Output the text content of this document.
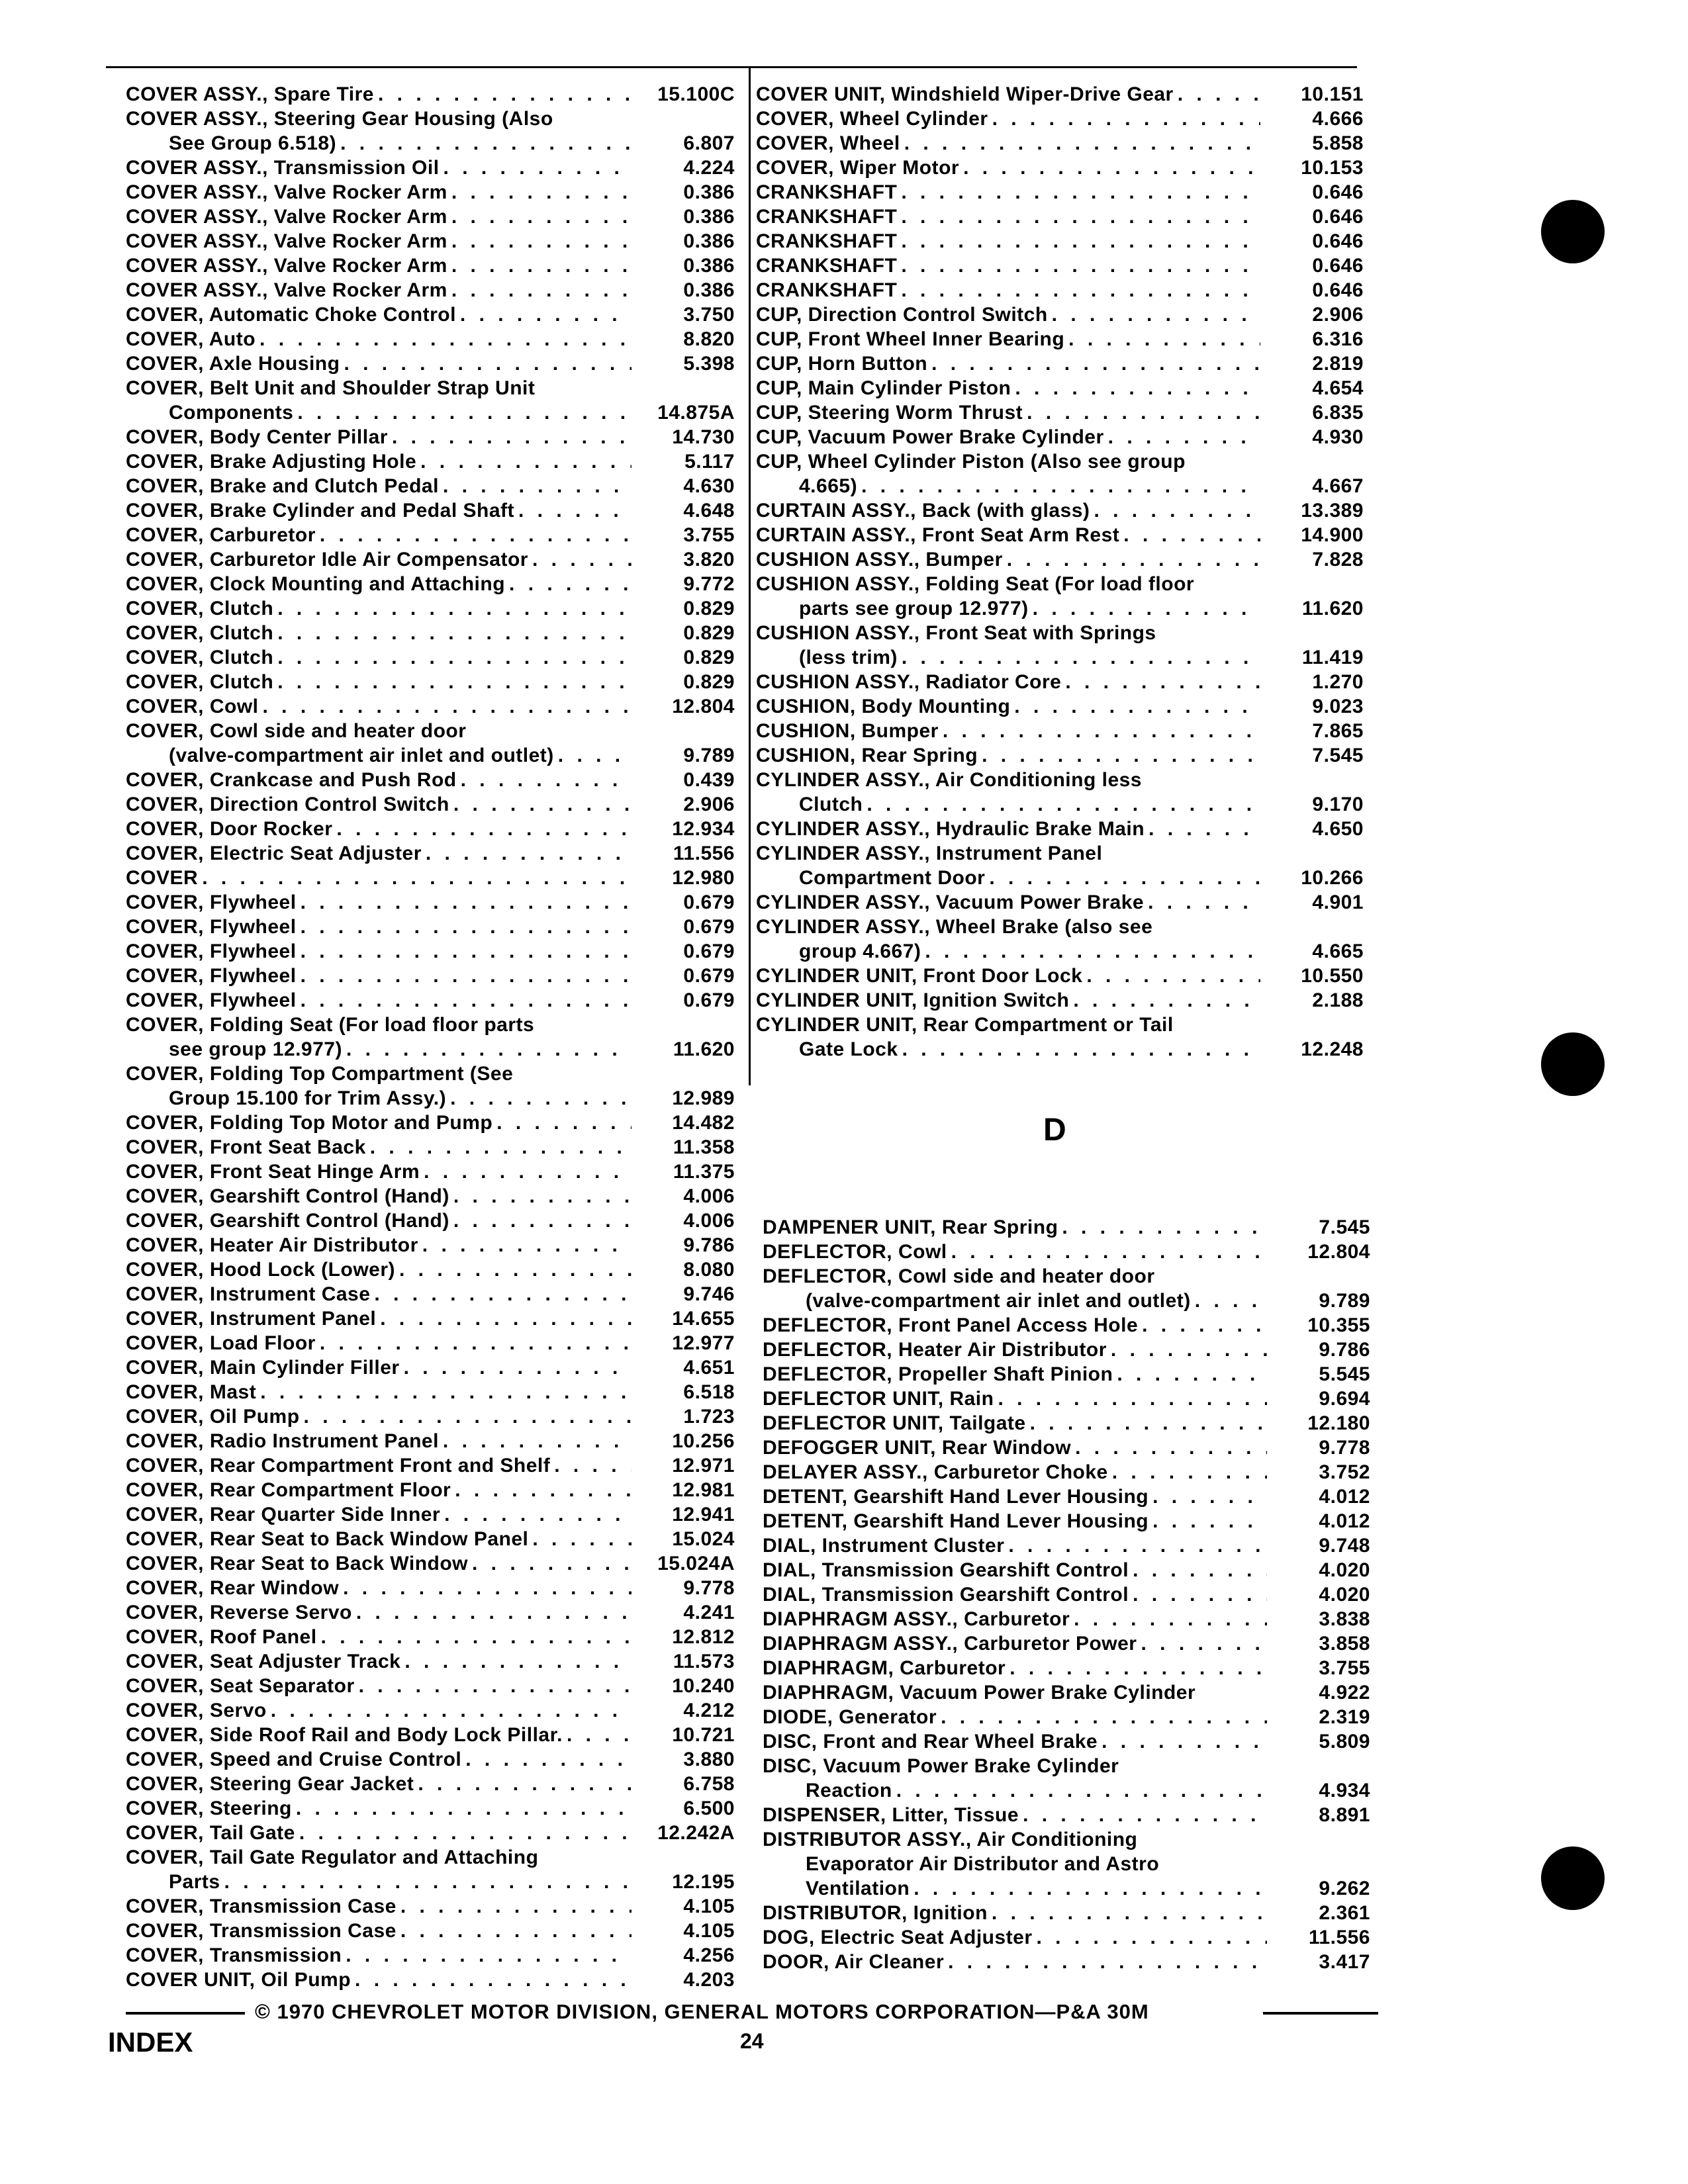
COVER ASSY., Spare Tire . . .	15.100C
COVER ASSY., Steering Gear Housing (Also
See Group 6.518) . . .	6.807
COVER ASSY., Transmission Oil . . .	4.224
COVER ASSY., Valve Rocker Arm . . .	0.386
COVER ASSY., Valve Rocker Arm . . .	0.386
COVER ASSY., Valve Rocker Arm . . .	0.386
COVER ASSY., Valve Rocker Arm . . .	0.386
COVER ASSY., Valve Rocker Arm . . .	0.386
COVER, Automatic Choke Control . . .	3.750
COVER, Auto . . .	8.820
COVER, Axle Housing . . .	5.398
COVER, Belt Unit and Shoulder Strap Unit
Components . . .	14.875A
COVER, Body Center Pillar . . .	14.730
COVER, Brake Adjusting Hole . . .	5.117
COVER, Brake and Clutch Pedal . . .	4.630
COVER, Brake Cylinder and Pedal Shaft . . .	4.648
COVER, Carburetor . . .	3.755
COVER, Carburetor Idle Air Compensator . . .	3.820
COVER, Clock Mounting and Attaching . . .	9.772
COVER, Clutch . . .	0.829
COVER, Clutch . . .	0.829
COVER, Clutch . . .	0.829
COVER, Clutch . . .	0.829
COVER, Cowl . . .	12.804
COVER, Cowl side and heater door
(valve-compartment air inlet and outlet) . . .	9.789
COVER, Crankcase and Push Rod . . .	0.439
COVER, Direction Control Switch . . .	2.906
COVER, Door Rocker . . .	12.934
COVER, Electric Seat Adjuster . . .	11.556
COVER . . .	12.980
COVER, Flywheel . . .	0.679
COVER, Flywheel . . .	0.679
COVER, Flywheel . . .	0.679
COVER, Flywheel . . .	0.679
COVER, Flywheel . . .	0.679
COVER, Folding Seat (For load floor parts
see group 12.977) . . .	11.620
COVER, Folding Top Compartment (See
Group 15.100 for Trim Assy.) . . .	12.989
COVER, Folding Top Motor and Pump . . .	14.482
COVER, Front Seat Back . . .	11.358
COVER, Front Seat Hinge Arm . . .	11.375
COVER, Gearshift Control (Hand) . . .	4.006
COVER, Gearshift Control (Hand) . . .	4.006
COVER, Heater Air Distributor . . .	9.786
COVER, Hood Lock (Lower) . . .	8.080
COVER, Instrument Case . . .	9.746
COVER, Instrument Panel . . .	14.655
COVER, Load Floor . . .	12.977
COVER, Main Cylinder Filler . . .	4.651
COVER, Mast . . .	6.518
COVER, Oil Pump . . .	1.723
COVER, Radio Instrument Panel . . .	10.256
COVER, Rear Compartment Front and Shelf . . .	12.971
COVER, Rear Compartment Floor . . .	12.981
COVER, Rear Quarter Side Inner . . .	12.941
COVER, Rear Seat to Back Window Panel . . .	15.024
COVER, Rear Seat to Back Window . . .	15.024A
COVER, Rear Window . . .	9.778
COVER, Reverse Servo . . .	4.241
COVER, Roof Panel . . .	12.812
COVER, Seat Adjuster Track . . .	11.573
COVER, Seat Separator . . .	10.240
COVER, Servo . . .	4.212
COVER, Side Roof Rail and Body Lock Pillar. . . .	10.721
COVER, Speed and Cruise Control . . .	3.880
COVER, Steering Gear Jacket . . .	6.758
COVER, Steering . . .	6.500
COVER, Tail Gate . . .	12.242A
COVER, Tail Gate Regulator and Attaching
Parts . . .	12.195
COVER, Transmission Case . . .	4.105
COVER, Transmission Case . . .	4.105
COVER, Transmission . . .	4.256
COVER UNIT, Oil Pump . . .	4.203
COVER UNIT, Windshield Wiper-Drive Gear . . .	10.151
COVER, Wheel Cylinder . . .	4.666
COVER, Wheel . . .	5.858
COVER, Wiper Motor . . .	10.153
CRANKSHAFT . . .	0.646
CRANKSHAFT . . .	0.646
CRANKSHAFT . . .	0.646
CRANKSHAFT . . .	0.646
CRANKSHAFT . . .	0.646
CUP, Direction Control Switch . . .	2.906
CUP, Front Wheel Inner Bearing . . .	6.316
CUP, Horn Button . . .	2.819
CUP, Main Cylinder Piston . . .	4.654
CUP, Steering Worm Thrust . . .	6.835
CUP, Vacuum Power Brake Cylinder . . .	4.930
CUP, Wheel Cylinder Piston (Also see group
4.665) . . .	4.667
CURTAIN ASSY., Back (with glass) . . .	13.389
CURTAIN ASSY., Front Seat Arm Rest . . .	14.900
CUSHION ASSY., Bumper . . .	7.828
CUSHION ASSY., Folding Seat (For load floor
parts see group 12.977) . . .	11.620
CUSHION ASSY., Front Seat with Springs
(less trim) . . .	11.419
CUSHION ASSY., Radiator Core . . .	1.270
CUSHION, Body Mounting . . .	9.023
CUSHION, Bumper . . .	7.865
CUSHION, Rear Spring . . .	7.545
CYLINDER ASSY., Air Conditioning less
Clutch . . .	9.170
CYLINDER ASSY., Hydraulic Brake Main . . .	4.650
CYLINDER ASSY., Instrument Panel
Compartment Door . . .	10.266
CYLINDER ASSY., Vacuum Power Brake . . .	4.901
CYLINDER ASSY., Wheel Brake (also see
group 4.667) . . .	4.665
CYLINDER UNIT, Front Door Lock . . .	10.550
CYLINDER UNIT, Ignition Switch . . .	2.188
CYLINDER UNIT, Rear Compartment or Tail
Gate Lock . . .	12.248
D
DAMPENER UNIT, Rear Spring . . .	7.545
DEFLECTOR, Cowl . . .	12.804
DEFLECTOR, Cowl side and heater door
(valve-compartment air inlet and outlet) . . .	9.789
DEFLECTOR, Front Panel Access Hole . . .	10.355
DEFLECTOR, Heater Air Distributor . . .	9.786
DEFLECTOR, Propeller Shaft Pinion . . .	5.545
DEFLECTOR UNIT, Rain . . .	9.694
DEFLECTOR UNIT, Tailgate . . .	12.180
DEFOGGER UNIT, Rear Window . . .	9.778
DELAYER ASSY., Carburetor Choke . . .	3.752
DETENT, Gearshift Hand Lever Housing . . .	4.012
DETENT, Gearshift Hand Lever Housing . . .	4.012
DIAL, Instrument Cluster . . .	9.748
DIAL, Transmission Gearshift Control . . .	4.020
DIAL, Transmission Gearshift Control . . .	4.020
DIAPHRAGM ASSY., Carburetor . . .	3.838
DIAPHRAGM ASSY., Carburetor Power . . .	3.858
DIAPHRAGM, Carburetor . . .	3.755
DIAPHRAGM, Vacuum Power Brake Cylinder	4.922
DIODE, Generator . . .	2.319
DISC, Front and Rear Wheel Brake . . .	5.809
DISC, Vacuum Power Brake Cylinder
Reaction . . .	4.934
DISPENSER, Litter, Tissue . . .	8.891
DISTRIBUTOR ASSY., Air Conditioning
Evaporator Air Distributor and Astro
Ventilation . . .	9.262
DISTRIBUTOR, Ignition . . .	2.361
DOG, Electric Seat Adjuster . . .	11.556
DOOR, Air Cleaner . . .	3.417
© 1970 CHEVROLET MOTOR DIVISION, GENERAL MOTORS CORPORATION—P&A 30M
INDEX	24
